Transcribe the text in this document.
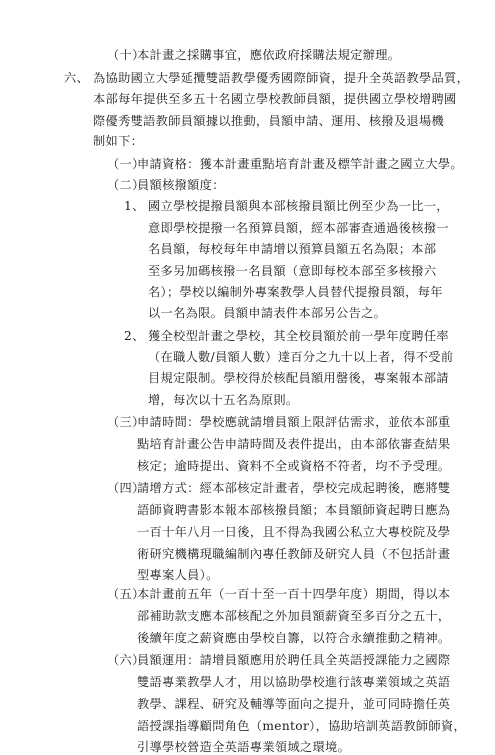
（十）
本計畫之採購事宜，應依政府採購法規定辦理。
六、 為協助國立大學延攬雙語教學優秀國際師資，提升全英語教學品質，
本部每年提供至多五十名國立學校教師員額，提供國立學校增聘國
際優秀雙語教師員額據以推動，員額申請、運用、核撥及退場機
制如下：
（一）
申請資格：獲本計畫重點培育計畫及標竿計畫之國立大學。
（二）
員額核撥額度：
1、 國立學校提撥員額與本部核撥員額比例至少為一比一，
意即學校提撥一名預算員額，經本部審查通過後核撥一
名員額，每校每年申請增以預算員額五名為限；本部
至多另加碼核撥一名員額（意即每校本部至多核撥六
名）；學校以編制外專案教學人員替代提撥員額，每年
以一名為限。員額申請表件本部另公告之。
2、 獲全校型計畫之學校，其全校員額於前一學年度聘任率
（在職人數/員額人數）達百分之九十以上者，得不受前
目規定限制。學校得於核配員額用罄後，專案報本部請
增，每次以十五名為原則。
（三）
申請時間：學校應就請增員額上限評估需求，並依本部重
點培育計畫公告申請時間及表件提出，由本部依審查結果
核定；逾時提出、資料不全或資格不符者，均不予受理。
（四）
請增方式：經本部核定計畫者，學校完成起聘後，應將雙
語師資聘書影本報本部核撥員額；本員額師資起聘日應為
一百十年八月一日後，且不得為我國公私立大專校院及學
術研究機構現職編制內專任教師及研究人員（不包括計畫
型專案人員）。
（五）
本計畫前五年（一百十至一百十四學年度）期間，得以本
部補助款支應本部核配之外加員額薪資至多百分之五十，
後續年度之薪資應由學校自籌，以符合永續推動之精神。
（六）
員額運用：請增員額應用於聘任具全英語授課能力之國際
雙語專業教學人才，用以協助學校進行該專業領域之英語
教學、課程、研究及輔導等面向之提升，並可同時擔任英
語授課指導顧問角色（mentor），協助培訓英語教師師資，
引導學校營造全英語專業領域之環境。
